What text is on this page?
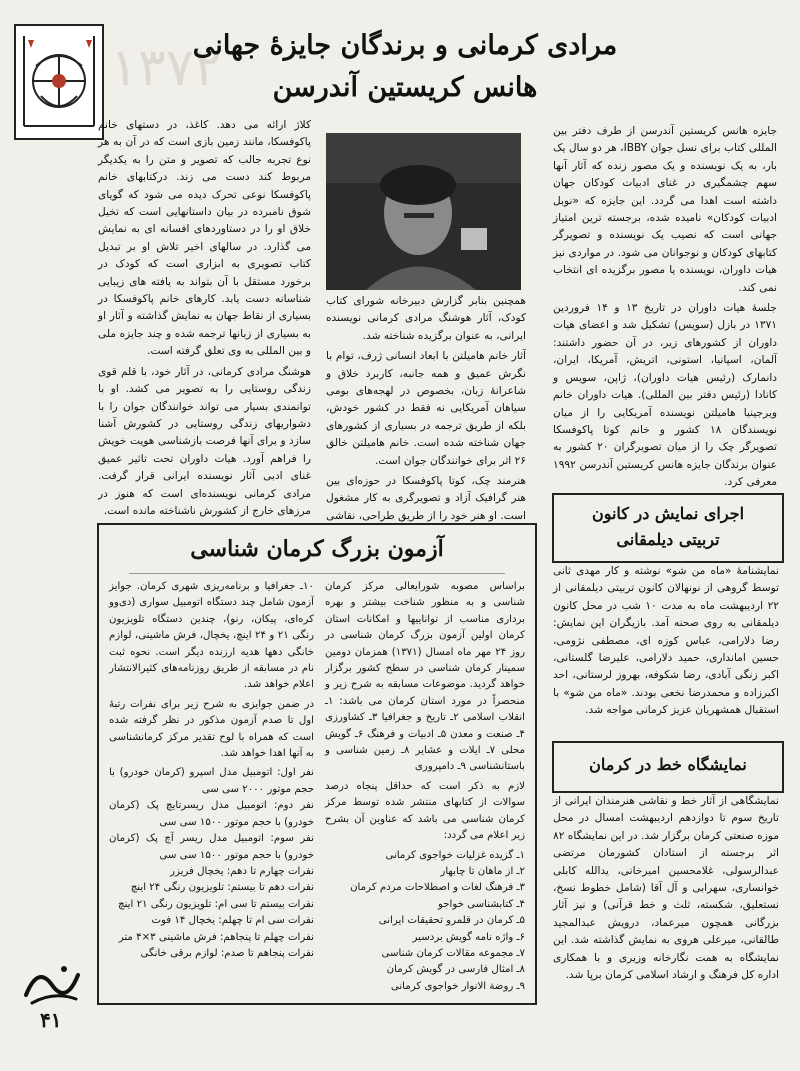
۱۳۷۲
مرادی کرمانی و برندگان جایزۀ جهانی
هانس کریستین آندرسن

جایزه هانس کریستین آندرسن از طرف دفتر بین المللی کتاب برای نسل جوان IBBY، هر دو سال یک بار، به یک نویسنده و یک مصور زنده که آثار آنها سهم چشمگیری در غنای ادبیات کودکان جهان داشته است اهدا می گردد. این جایزه که «نوبل ادبیات کودکان» نامیده شده، برجسته ترین امتیاز جهانی است که نصیب یک نویسنده و تصویرگر کتابهای کودکان و نوجوانان می شود. در مواردی نیز هیات داوران، نویسنده یا مصور برگزیده ای انتخاب نمی کند.

جلسۀ هیات داوران در تاریخ ۱۳ و ۱۴ فروردین ۱۳۷۱ در بازل (سویس) تشکیل شد و اعضای هیات داوران از کشورهای زیر، در آن حضور داشتند: آلمان، اسپانیا، استونی، اتریش، آمریکا، ایران، دانمارک (رئیس هیات داوران)، ژاپن، سویس و کانادا (رئیس دفتر بین المللی). هیات داوران خانم ویرجینیا هامیلتن نویسنده آمریکایی را از میان نویسندگان ۱۸ کشور و خانم کوتا پاکوفسکا تصویرگر چک را از میان تصویرگران ۲۰ کشور به عنوان برندگان جایزه هانس کریستین آندرسن ۱۹۹۲ معرفی کرد.

همچنین بنابر گزارش دبیرخانه شورای کتاب کودک، آثار هوشنگ مرادی کرمانی نویسنده ایرانی، به عنوان برگزیده شناخته شد.

آثار خانم هامیلتن با ابعاد انسانی ژرف، توام با نگرش عمیق و همه جانبه، کاربرد خلاق و شاعرانۀ زبان، بخصوص در لهجه‌های بومی سیاهان آمریکایی نه فقط در کشور خودش، بلکه از طریق ترجمه در بسیاری از کشورهای جهان شناخته شده است. خانم هامیلتن خالق ۲۶ اثر برای خوانندگان جوان است.

هنرمند چک، کوتا پاکوفسکا در حوزه‌ای بین هنر گرافیک آزاد و تصویرگری به کار مشغول است. او هنر خود را از طریق طراحی، نقاشی

کلاژ ارائه می دهد. کاغذ، در دستهای خانم پاکوفسکا، مانند زمین بازی است که در آن به هر نوع تجربه جالب که تصویر و متن را به یکدیگر مربوط کند دست می زند. درکتابهای خانم پاکوفسکا نوعی تحرک دیده می شود که گویای شوق نامبرده در بیان داستانهایی است که تخیل خلاق او را در دستاوردهای افسانه ای به نمایش می گذارد. در سالهای اخیر تلاش او بر تبدیل کتاب تصویری به ابزاری است که کودک در برخورد مستقل با آن بتواند به یافته های زیبایی شناسانه دست یابد. کارهای خانم پاکوفسکا در بسیاری از نقاط جهان به نمایش گذاشته و آثار او به بسیاری از زبانها ترجمه شده و چند جایزه ملی و بین المللی به وی تعلق گرفته است.

هوشنگ مرادی کرمانی، در آثار خود، با قلم قوی زندگی روستایی را به تصویر می کشد. او با توانمندی بسیار می تواند خوانندگان جوان را با دشواریهای زندگی روستایی در کشورش آشنا سازد و برای آنها فرصت بازشناسی هویت خویش را فراهم آورد. هیات داوران تحت تاثیر عمیق غنای ادبی آثار نویسنده ایرانی قرار گرفت. مرادی کرمانی نویسنده‌ای است که هنوز در مرزهای خارج از کشورش ناشناخته مانده است.	اجرای نمایش در کانون
تربیتی دیلمقانی

نمایشنامۀ «ماه من شو» نوشته و کار مهدی ثانی توسط گروهی از نونهالان کانون تربیتی دیلمقانی از ۲۲ اردیبهشت ماه به مدت ۱۰ شب در محل کانون دیلمقانی به روی صحنه آمد. بازیگران این نمایش: رضا دلارامی، عباس کوزه ای، مصطفی نژومی، حسین امانداری، حمید دلارامی، علیرضا گلستانی، اکبر زنگی آبادی، رضا شکوفه، بهروز لرستانی، احد اکبرزاده و محمدرضا نخعی بودند. «ماه من شو» با استقبال همشهریان عزیز کرمانی مواجه شد.

نمایشگاه خط در کرمان

نمایشگاهی از آثار خط و نقاشی هنرمندان ایرانی از تاریخ سوم تا دوازدهم اردیبهشت امسال در محل موزه صنعتی کرمان برگزار شد. در این نمایشگاه ۸۲ اثر برجسته از استادان کشورمان مرتضی عبدالرسولی، غلامحسین امیرخانی، یدالله کابلی خوانساری، سهرابی و آل آقا (شامل خطوط نسخ، نستعلیق، شکسته، ثلث و خط قرآنی) و نیز آثار بزرگانی همچون میرعماد، درویش عبدالمجید طالقانی، میرعلی هروی به نمایش گذاشته شد. این نمایشگاه به همت نگارخانه وزیری و با همکاری اداره کل فرهنگ و ارشاد اسلامی کرمان برپا شد.

آزمون بزرگ کرمان شناسی

براساس مصوبه شورایعالی مرکز کرمان شناسی و به منظور شناخت بیشتر و بهره برداری مناسب از تواناییها و امکانات استان کرمان اولین آزمون بزرگ کرمان شناسی در روز ۲۴ مهر ماه امسال (۱۳۷۱) همزمان دومین سمینار کرمان شناسی در سطح کشور برگزار خواهد گردید. موضوعات مسابقه به شرح زیر و منحصراً در مورد استان کرمان می باشد: ۱ـ انقلاب اسلامی ۲ـ تاریخ و جغرافیا ۳ـ کشاورزی ۴ـ صنعت و معدن ۵ـ ادبیات و فرهنگ ۶ـ گویش محلی ۷ـ ایلات و عشایر ۸ـ زمین شناسی و باستانشناسی ۹ـ دامپروری

لازم به ذکر است که حداقل پنجاه درصد سوالات از کتابهای منتشر شده توسط مرکز کرمان شناسی می باشد که عناوین آن بشرح زیر اعلام می گردد:

۱ـ گزیده غزلیات خواجوی کرمانی

۲ـ از ماهان تا چابهار

۳ـ فرهنگ لغات و اصطلاحات مردم کرمان

۴ـ کتابشناسی خواجو

۵ـ کرمان در قلمرو تحقیقات ایرانی

۶ـ واژه نامه گویش بردسیر

۷ـ مجموعه مقالات کرمان شناسی

۸ـ امثال فارسی در گویش کرمان

۹ـ روضة الانوار خواجوی کرمانی

۱۰ـ جغرافیا و برنامه‌ریزی شهری کرمان. جوایز آزمون شامل چند دستگاه اتومبیل سواری (دی‌وو کره‌ای، پیکان، رنو)، چندین دستگاه تلویزیون رنگی ۲۱ و ۲۴ اینچ، یخچال، فرش ماشینی، لوازم خانگی دهها هدیه ارزنده دیگر است. نحوه ثبت نام در مسابقه از طریق روزنامه‌های کثیرالانتشار اعلام خواهد شد.

در ضمن جوایزی به شرح زیر برای نفرات رتبۀ اول تا صدم آزمون مذکور در نظر گرفته شده است که همراه با لوح تقدیر مرکز کرمانشناسی به آنها اهدا خواهد شد.

نفر اول: اتومبیل مدل اسپرو (کرمان خودرو) با حجم موتور ۲۰۰۰ سی سی

نفر دوم: اتومبیل مدل ریسرتایچ پک (کرمان خودرو) با حجم موتور ۱۵۰۰ سی سی

نفر سوم: اتومبیل مدل ریسر آچ پک (کرمان خودرو) با حجم موتور ۱۵۰۰ سی سی

نفرات چهارم تا دهم: یخچال فریزر

نفرات دهم تا بیستم: تلویزیون رنگی ۲۴ اینچ

نفرات بیستم تا سی ام: تلویزیون رنگی ۲۱ اینچ

نفرات سی ام تا چهلم: یخچال ۱۴ فوت

نفرات چهلم تا پنجاهم: فرش ماشینی ۳×۴ متر

نفرات پنجاهم تا صدم: لوازم برقی خانگی

۴۱
